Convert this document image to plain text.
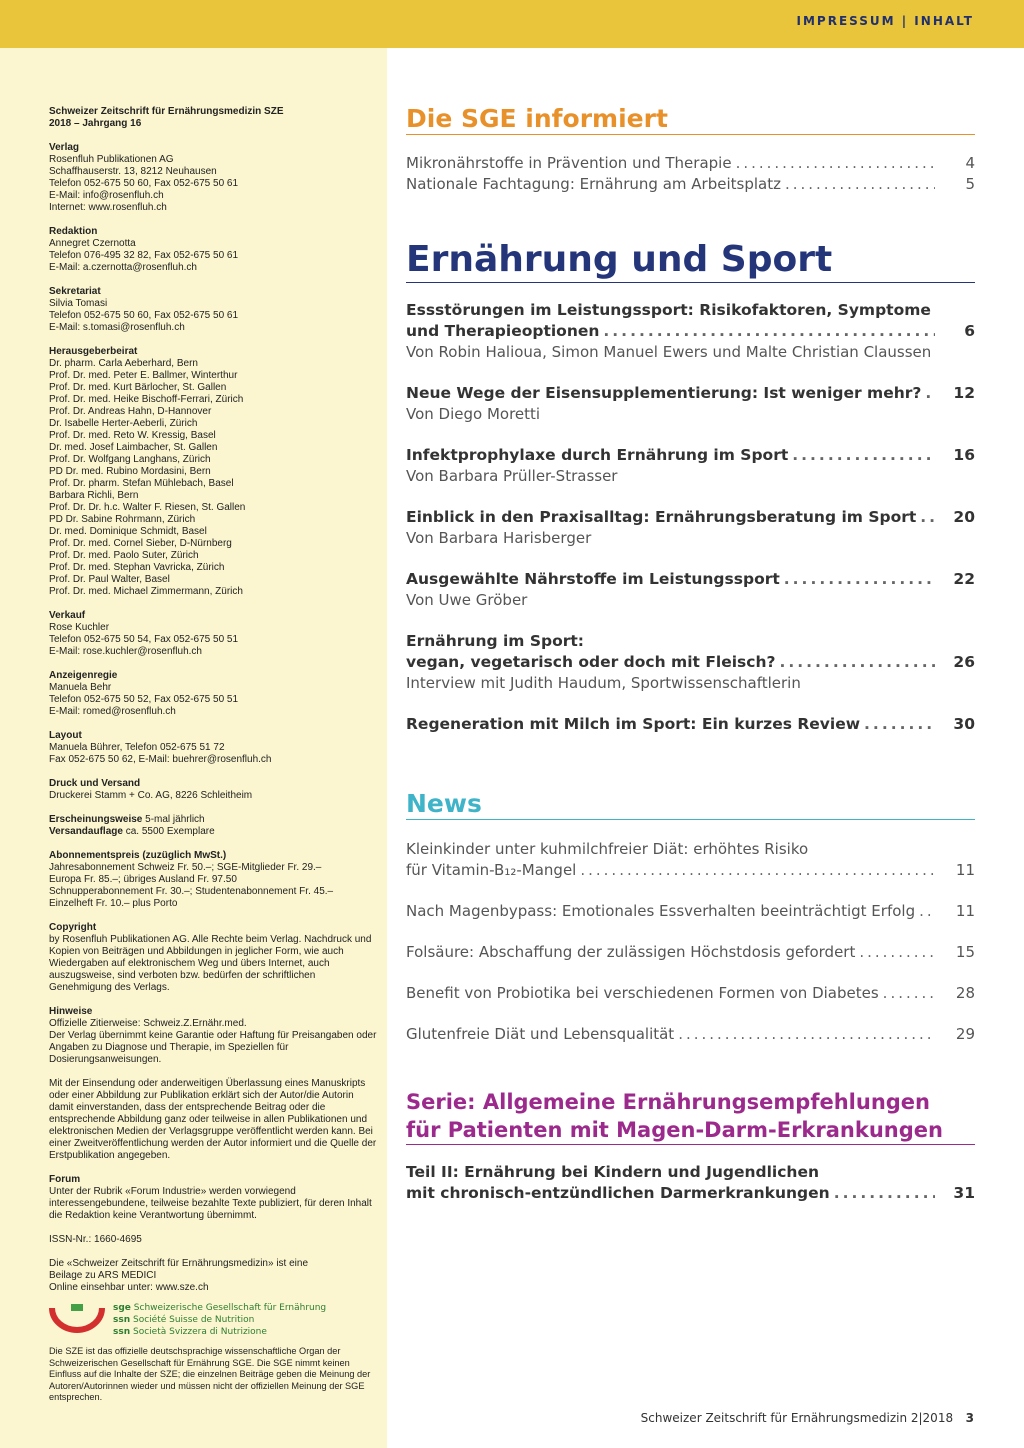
IMPRESSUM | INHALT

Schweizer Zeitschrift für Ernährungsmedizin SZE
2018 – Jahrgang 16

Verlag
Rosenfluh Publikationen AG
Schaffhauserstr. 13, 8212 Neuhausen
Telefon 052-675 50 60, Fax 052-675 50 61
E-Mail: info@rosenfluh.ch
Internet: www.rosenfluh.ch

Redaktion
Annegret Czernotta
Telefon 076-495 32 82, Fax 052-675 50 61
E-Mail: a.czernotta@rosenfluh.ch

Sekretariat
Silvia Tomasi
Telefon 052-675 50 60, Fax 052-675 50 61
E-Mail: s.tomasi@rosenfluh.ch

Herausgeberbeirat
Dr. pharm. Carla Aeberhard, Bern
Prof. Dr. med. Peter E. Ballmer, Winterthur
Prof. Dr. med. Kurt Bärlocher, St. Gallen
Prof. Dr. med. Heike Bischoff-Ferrari, Zürich
Prof. Dr. Andreas Hahn, D-Hannover
Dr. Isabelle Herter-Aeberli, Zürich
Prof. Dr. med. Reto W. Kressig, Basel
Dr. med. Josef Laimbacher, St. Gallen
Prof. Dr. Wolfgang Langhans, Zürich
PD Dr. med. Rubino Mordasini, Bern
Prof. Dr. pharm. Stefan Mühlebach, Basel
Barbara Richli, Bern
Prof. Dr. Dr. h.c. Walter F. Riesen, St. Gallen
PD Dr. Sabine Rohrmann, Zürich
Dr. med. Dominique Schmidt, Basel
Prof. Dr. med. Cornel Sieber, D-Nürnberg
Prof. Dr. med. Paolo Suter, Zürich
Prof. Dr. med. Stephan Vavricka, Zürich
Prof. Dr. Paul Walter, Basel
Prof. Dr. med. Michael Zimmermann, Zürich

Verkauf
Rose Kuchler
Telefon 052-675 50 54, Fax 052-675 50 51
E-Mail: rose.kuchler@rosenfluh.ch

Anzeigenregie
Manuela Behr
Telefon 052-675 50 52, Fax 052-675 50 51
E-Mail: romed@rosenfluh.ch

Layout
Manuela Bührer, Telefon 052-675 51 72
Fax 052-675 50 62, E-Mail: buehrer@rosenfluh.ch

Druck und Versand
Druckerei Stamm + Co. AG, 8226 Schleitheim

Erscheinungsweise 5-mal jährlich
Versandauflage ca. 5500 Exemplare

Abonnementspreis (zuzüglich MwSt.)
Jahresabonnement Schweiz Fr. 50.–; SGE-Mitglieder Fr. 29.–
Europa Fr. 85.–; übriges Ausland Fr. 97.50
Schnupperabonnement Fr. 30.–; Studentenabonnement Fr. 45.–
Einzelheft Fr. 10.– plus Porto

Copyright
by Rosenfluh Publikationen AG. Alle Rechte beim Verlag. Nachdruck und Kopien von Beiträgen und Abbildungen in jeglicher Form, wie auch Wiedergaben auf elektronischem Weg und übers Internet, auch auszugsweise, sind verboten bzw. bedürfen der schriftlichen Genehmigung des Verlags.

Hinweise
Offizielle Zitierweise: Schweiz.Z.Ernähr.med.
Der Verlag übernimmt keine Garantie oder Haftung für Preisangaben oder Angaben zu Diagnose und Therapie, im Speziellen für Dosierungsanweisungen.

Mit der Einsendung oder anderweitigen Überlassung eines Manuskripts oder einer Abbildung zur Publikation erklärt sich der Autor/die Autorin damit einverstanden, dass der entsprechende Beitrag oder die entsprechende Abbildung ganz oder teilweise in allen Publikationen und elektronischen Medien der Verlagsgruppe veröffentlicht werden kann. Bei einer Zweitveröffentlichung werden der Autor informiert und die Quelle der Erstpublikation angegeben.

Forum
Unter der Rubrik «Forum Industrie» werden vorwiegend interessengebundene, teilweise bezahlte Texte publiziert, für deren Inhalt die Redaktion keine Verantwortung übernimmt.

ISSN-Nr.: 1660-4695

Die «Schweizer Zeitschrift für Ernährungsmedizin» ist eine
Beilage zu ARS MEDICI
Online einsehbar unter: www.sze.ch

sge Schweizerische Gesellschaft für Ernährung
ssn Société Suisse de Nutrition
ssn Società Svizzera di Nutrizione
Die SZE ist das offizielle deutschsprachige wissenschaftliche Organ der Schweizerischen Gesellschaft für Ernährung SGE. Die SGE nimmt keinen Einfluss auf die Inhalte der SZE; die einzelnen Beiträge geben die Meinung der Autoren/Autorinnen wieder und müssen nicht der offiziellen Meinung der SGE entsprechen.
Die SGE informiert
Mikronährstoffe in Prävention und Therapie .....	4
Nationale Fachtagung: Ernährung am Arbeitsplatz .....	5
Ernährung und Sport
Essstörungen im Leistungssport: Risikofaktoren, Symptome
und Therapieoptionen .....	6
Von Robin Halioua, Simon Manuel Ewers und Malte Christian Claussen
Neue Wege der Eisensupplementierung: Ist weniger mehr? .....	12
Von Diego Moretti
Infektprophylaxe durch Ernährung im Sport .....	16
Von Barbara Prüller-Strasser
Einblick in den Praxisalltag: Ernährungsberatung im Sport .....	20
Von Barbara Harisberger
Ausgewählte Nährstoffe im Leistungssport .....	22
Von Uwe Gröber
Ernährung im Sport:
vegan, vegetarisch oder doch mit Fleisch? .....	26
Interview mit Judith Haudum, Sportwissenschaftlerin
Regeneration mit Milch im Sport: Ein kurzes Review .....	30
News
Kleinkinder unter kuhmilchfreier Diät: erhöhtes Risiko
für Vitamin-B₁₂-Mangel .....	11
Nach Magenbypass: Emotionales Essverhalten beeinträchtigt Erfolg .....	11
Folsäure: Abschaffung der zulässigen Höchstdosis gefordert .....	15
Benefit von Probiotika bei verschiedenen Formen von Diabetes .....	28
Glutenfreie Diät und Lebensqualität .....	29
Serie: Allgemeine Ernährungsempfehlungen
für Patienten mit Magen-Darm-Erkrankungen
Teil II: Ernährung bei Kindern und Jugendlichen
mit chronisch-entzündlichen Darmerkrankungen .....	31
Schweizer Zeitschrift für Ernährungsmedizin 2|2018 3
